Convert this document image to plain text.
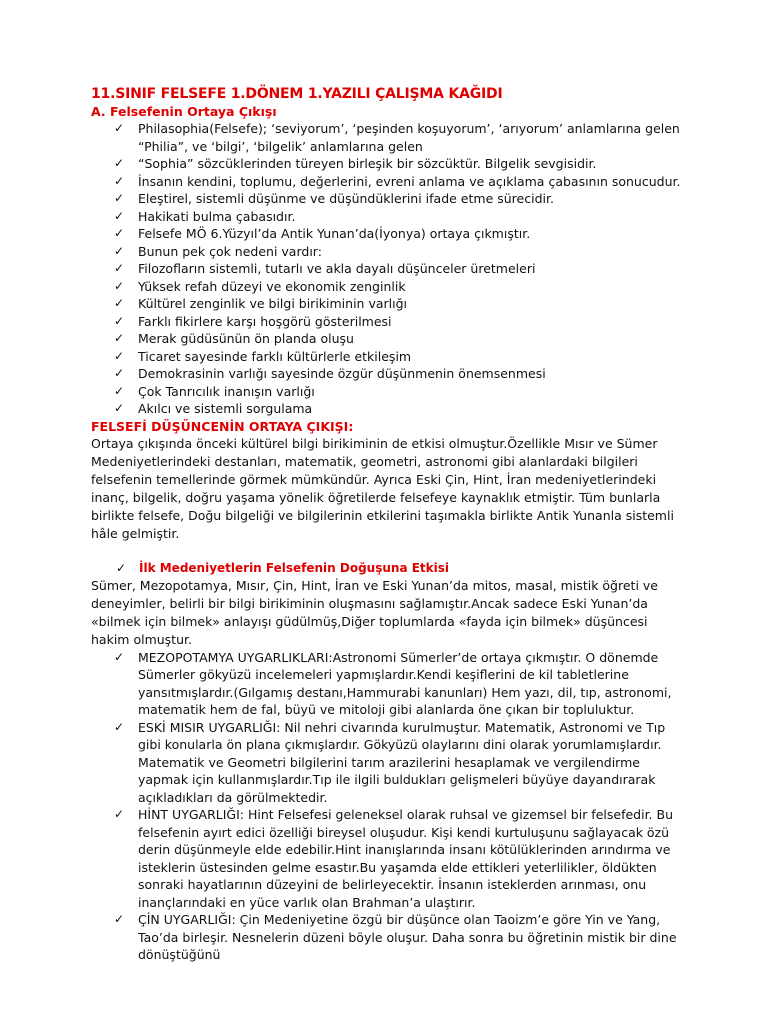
11.SINIF FELSEFE 1.DÖNEM 1.YAZILI ÇALIŞMA KAĞIDI
A. Felsefenin Ortaya Çıkışı
✓ Philasophia(Felsefe); ‘seviyorum’, ‘peşinden koşuyorum’, ‘arıyorum’ anlamlarına gelen “Philia”, ve ‘bilgi’, ‘bilgelik’ anlamlarına gelen
✓ “Sophia” sözcüklerinden türeyen birleşik bir sözcüktür. Bilgelik sevgisidir.
✓ İnsanın kendini, toplumu, değerlerini, evreni anlama ve açıklama çabasının sonucudur.
✓ Eleştirel, sistemli düşünme ve düşündüklerini ifade etme sürecidir.
✓ Hakikati bulma çabasıdır.
✓ Felsefe MÖ 6.Yüzyıl’da Antik Yunan’da(İyonya) ortaya çıkmıştır.
✓ Bunun pek çok nedeni vardır:
✓ Filozofların sistemli, tutarlı ve akla dayalı düşünceler üretmeleri
✓ Yüksek refah düzeyi ve ekonomik zenginlik
✓ Kültürel zenginlik ve bilgi birikiminin varlığı
✓ Farklı fikirlere karşı hoşgörü gösterilmesi
✓ Merak güdüsünün ön planda oluşu
✓ Ticaret sayesinde farklı kültürlerle etkileşim
✓ Demokrasinin varlığı sayesinde özgür düşünmenin önemsenmesi
✓ Çok Tanrıcılık inanışın varlığı
✓ Akılcı ve sistemli sorgulama
FELSEFİ DÜŞÜNCENİN ORTAYA ÇIKIŞI:

Ortaya çıkışında önceki kültürel bilgi birikiminin de etkisi olmuştur.Özellikle Mısır ve Sümer Medeniyetlerindeki destanları, matematik, geometri, astronomi gibi alanlardaki bilgileri felsefenin temellerinde görmek mümkündür. Ayrıca Eski Çin, Hint, İran medeniyetlerindeki inanç, bilgelik, doğru yaşama yönelik öğretilerde felsefeye kaynaklık etmiştir. Tüm bunlarla birlikte felsefe, Doğu bilgeliği ve bilgilerinin etkilerini taşımakla birlikte Antik Yunanla sistemli hâle gelmiştir.

✓ İlk Medeniyetlerin Felsefenin Doğuşuna Etkisi

Sümer, Mezopotamya, Mısır, Çin, Hint, İran ve Eski Yunan’da mitos, masal, mistik öğreti ve deneyimler, belirli bir bilgi birikiminin oluşmasını sağlamıştır.Ancak sadece Eski Yunan’da «bilmek için bilmek» anlayışı güdülmüş,Diğer toplumlarda «fayda için bilmek» düşüncesi hakim olmuştur.

✓ MEZOPOTAMYA UYGARLIKLARI:Astronomi Sümerler’de ortaya çıkmıştır. O dönemde Sümerler gökyüzü incelemeleri yapmışlardır.Kendi keşiflerini de kil tabletlerine yansıtmışlardır.(Gılgamış destanı,Hammurabi kanunları) Hem yazı, dil, tıp, astronomi, matematik hem de fal, büyü ve mitoloji gibi alanlarda öne çıkan bir topluluktur.
✓ ESKİ MISIR UYGARLIĞI: Nil nehri civarında kurulmuştur. Matematik, Astronomi ve Tıp gibi konularla ön plana çıkmışlardır. Gökyüzü olaylarını dini olarak yorumlamışlardır. Matematik ve Geometri bilgilerini tarım arazilerini hesaplamak ve vergilendirme yapmak için kullanmışlardır.Tıp ile ilgili buldukları gelişmeleri büyüye dayandırarak açıkladıkları da görülmektedir.
✓ HİNT UYGARLIĞI: Hint Felsefesi geleneksel olarak ruhsal ve gizemsel bir felsefedir. Bu felsefenin ayırt edici özelliği bireysel oluşudur. Kişi kendi kurtuluşunu sağlayacak özü derin düşünmeyle elde edebilir.Hint inanışlarında insanı kötülüklerinden arındırma ve isteklerin üstesinden gelme esastır.Bu yaşamda elde ettikleri yeterlilikler, öldükten sonraki hayatlarının düzeyini de belirleyecektir. İnsanın isteklerden arınması, onu inançlarındaki en yüce varlık olan Brahman’a ulaştırır.
✓ ÇİN UYGARLIĞI: Çin Medeniyetine özgü bir düşünce olan Taoizm’e göre Yin ve Yang, Tao’da birleşir. Nesnelerin düzeni böyle oluşur. Daha sonra bu öğretinin mistik bir dine dönüştüğünü
